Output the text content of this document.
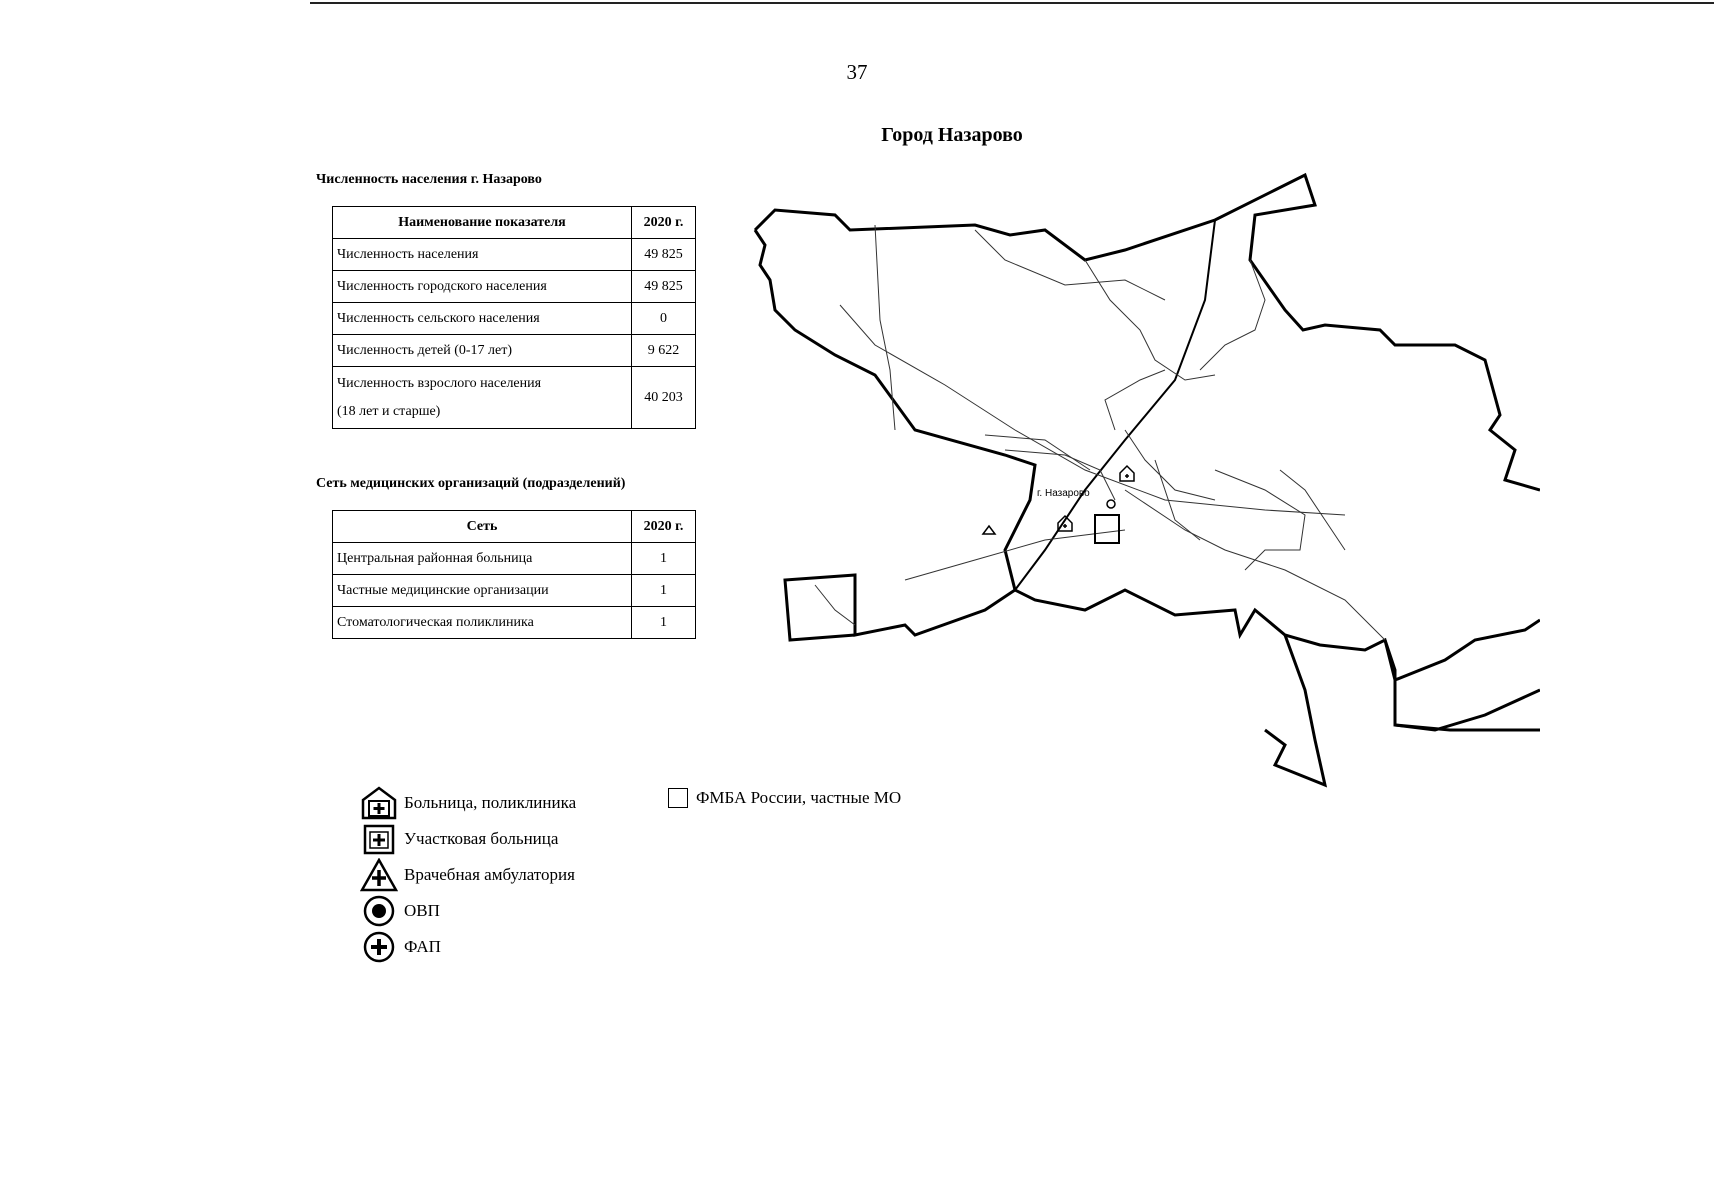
37
Город Назарово
Численность населения г. Назарово
Наименование показателя	2020 г.
Численность населения	49 825
Численность городского населения	49 825
Численность сельского населения	0
Численность детей (0-17 лет)	9 622

Численность взрослого населения
(18 лет и старше)	40 203
Сеть медицинских организаций (подразделений)
Сеть	2020 г.
Центральная районная больница	1
Частные медицинские организации	1
Стоматологическая поликлиника	1
г. Назарово
Больница, поликлиника
Участковая больница
Врачебная амбулатория
ОВП
ФАП
ФМБА России, частные МО
